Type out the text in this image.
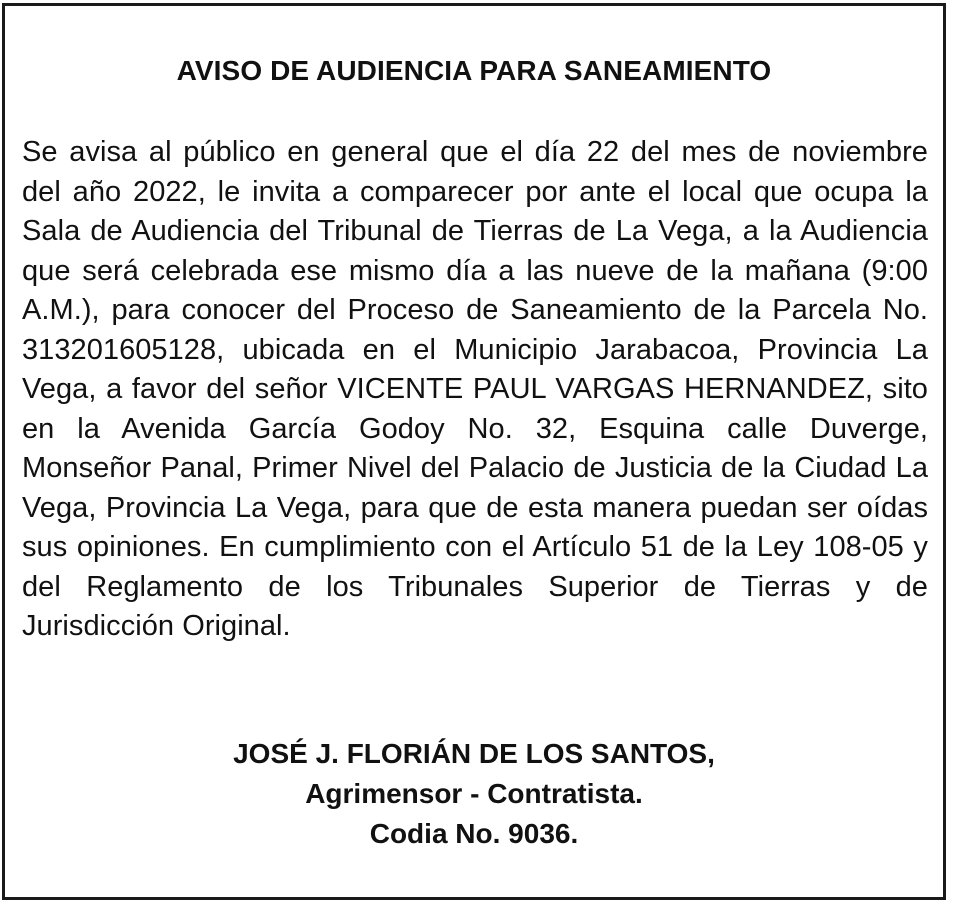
AVISO DE AUDIENCIA PARA SANEAMIENTO

Se avisa al público en general que el día 22 del mes de noviembre del año 2022, le invita a comparecer por ante el local que ocupa la Sala de Audiencia del Tribunal de Tierras de La Vega, a la Audiencia que será celebrada ese mismo día a las nueve de la mañana (9:00 A.M.), para conocer del Proceso de Saneamiento de la Parcela No. 313201605128, ubicada en el Municipio Jarabacoa, Provincia La Vega, a favor del señor VICENTE PAUL VARGAS HERNANDEZ, sito en la Avenida García Godoy No. 32, Esquina calle Duverge, Monseñor Panal, Primer Nivel del Palacio de Justicia de la Ciudad La Vega, Provincia La Vega, para que de esta manera puedan ser oídas sus opiniones. En cumplimiento con el Artículo 51 de la Ley 108-05 y del Reglamento de los Tribunales Superior de Tierras y de Jurisdicción Original.

JOSÉ J. FLORIÁN DE LOS SANTOS,
Agrimensor - Contratista.
Codia No. 9036.
